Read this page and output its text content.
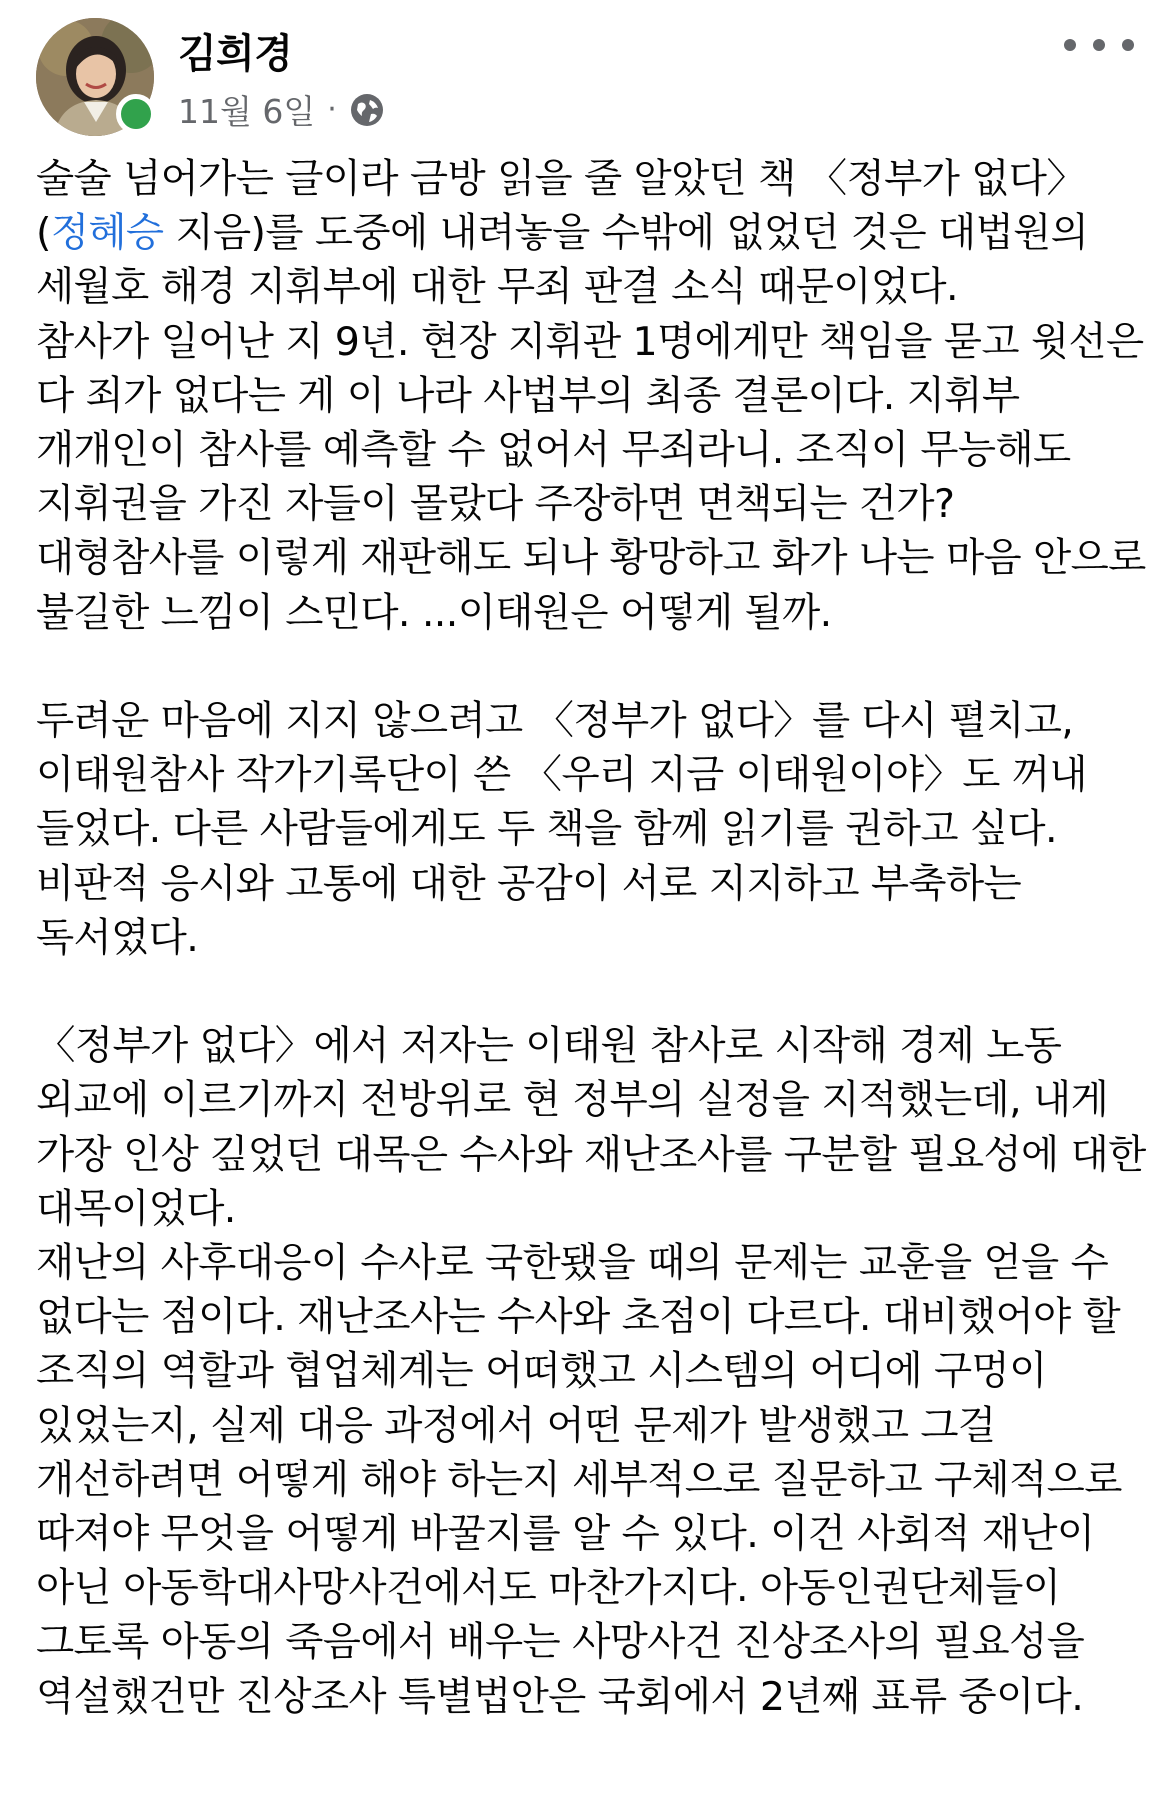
김희경
11월 6일 ·

술술 넘어가는 글이라 금방 읽을 줄 알았던 책 〈정부가 없다〉
(정혜승 지음)를 도중에 내려놓을 수밖에 없었던 것은 대법원의 세월호 해경 지휘부에 대한 무죄 판결 소식 때문이었다.

참사가 일어난 지 9년. 현장 지휘관 1명에게만 책임을 묻고 윗선은 다 죄가 없다는 게 이 나라 사법부의 최종 결론이다. 지휘부 개개인이 참사를 예측할 수 없어서 무죄라니. 조직이 무능해도 지휘권을 가진 자들이 몰랐다 주장하면 면책되는 건가? 대형참사를 이렇게 재판해도 되나 황망하고 화가 나는 마음 안으로 불길한 느낌이 스민다. ...이태원은 어떻게 될까.

두려운 마음에 지지 않으려고 〈정부가 없다〉를 다시 펼치고, 이태원참사 작가기록단이 쓴 〈우리 지금 이태원이야〉도 꺼내 들었다. 다른 사람들에게도 두 책을 함께 읽기를 권하고 싶다. 비판적 응시와 고통에 대한 공감이 서로 지지하고 부축하는 독서였다.

〈정부가 없다〉에서 저자는 이태원 참사로 시작해 경제 노동 외교에 이르기까지 전방위로 현 정부의 실정을 지적했는데, 내게 가장 인상 깊었던 대목은 수사와 재난조사를 구분할 필요성에 대한 대목이었다.

재난의 사후대응이 수사로 국한됐을 때의 문제는 교훈을 얻을 수 없다는 점이다. 재난조사는 수사와 초점이 다르다. 대비했어야 할 조직의 역할과 협업체계는 어떠했고 시스템의 어디에 구멍이 있었는지, 실제 대응 과정에서 어떤 문제가 발생했고 그걸 개선하려면 어떻게 해야 하는지 세부적으로 질문하고 구체적으로 따져야 무엇을 어떻게 바꿀지를 알 수 있다. 이건 사회적 재난이 아닌 아동학대사망사건에서도 마찬가지다. 아동인권단체들이 그토록 아동의 죽음에서 배우는 사망사건 진상조사의 필요성을 역설했건만 진상조사 특별법안은 국회에서 2년째 표류 중이다.
